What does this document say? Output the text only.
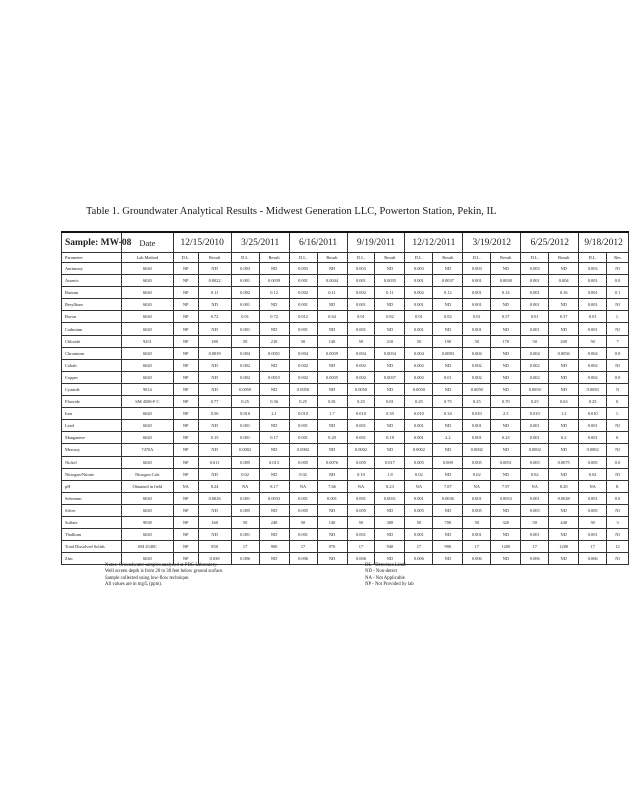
Table 1. Groundwater Analytical Results - Midwest Generation LLC, Powerton Station, Pekin, IL
Sample: MW-08	Date	12/15/2010		3/25/2011		6/16/2011		9/19/2011		12/12/2011		3/19/2012		6/25/2012		9/18/2012	
Parameter	Lab Method	D.L.	Result	D.L.	Result	D.L.	Result	D.L.	Result	D.L.	Result	D.L.	Result	D.L.	Result	D.L.	Res
Antimony	6020	NP	ND	0.003	ND	0.003	ND	0.003	ND	0.003	ND	0.003	ND	0.003	ND	0.003	NI
Arsenic	6020	NP	0.0022	0.001	0.0039	0.001	0.0044	0.001	0.0035	0.001	0.0037	0.001	0.0038	0.001	0.004	0.001	0.0
Barium	6020	NP	0.11	0.002	0.12	0.002	0.11	0.002	0.11	0.002	0.12	0.001	0.14	0.001	0.16	0.001	0.1
Beryllium	6020	NP	ND	0.001	ND	0.001	ND	0.001	ND	0.001	ND	0.001	ND	0.001	ND	0.001	NI
Boron	6020	NP	0.72	0.01	0.72	0.012	0.64	0.01	0.82	0.01	0.82	0.01	0.57	0.01	0.37	0.01	1.
Cadmium	6020	NP	ND	0.001	ND	0.001	ND	0.001	ND	0.001	ND	0.001	ND	0.001	ND	0.001	NI
Chloride	9251	NP	180	50	210	50	140	50	210	50	190	50	170	50	200	50	7
Chromium	6020	NP	0.0039	0.004	0.0051	0.004	0.0039	0.004	0.0034	0.004	0.0083	0.004	ND	0.004	0.0056	0.004	0.0
Cobalt	6020	NP	ND	0.002	ND	0.002	ND	0.002	ND	0.002	ND	0.002	ND	0.002	ND	0.002	NI
Copper	6020	NP	ND	0.002	0.0015	0.002	0.0035	0.002	0.0037	0.002	0.01	0.002	ND	0.002	ND	0.002	0.0
Cyanide	9014	NP	ND	0.0050	ND	0.0050	ND	0.0050	ND	0.0050	ND	0.0050	ND	0.0050	ND	0.0050	N
Fluoride	SM 4500-F C	NP	0.77	0.25	0.36	0.25	0.81	0.25	0.81	0.25	0.75	0.25	0.70	0.25	0.63	0.25	0.
Iron	6020	NP	0.56	0.010	2.1	0.010	1.7	0.010	0.39	0.010	0.34	0.010	2.5	0.010	1.2	0.010	1.
Lead	6020	NP	ND	0.001	ND	0.001	ND	0.001	ND	0.001	ND	0.001	ND	0.001	ND	0.001	NI
Manganese	6020	NP	0.15	0.001	0.17	0.001	0.29	0.001	0.18	0.001	2.2	0.001	0.23	0.001	0.2	0.001	0.
Mercury	7470A	NP	ND	0.0002	ND	0.0002	ND	0.0002	ND	0.0002	ND	0.0002	ND	0.0002	ND	0.0002	NI
Nickel	6020	NP	0.011	0.005	0.013	0.005	0.0076	0.005	0.017	0.005	0.009	0.005	0.0051	0.005	0.0075	0.005	0.0
Nitrogen/Nitrate	Nitrogen Calc	NP	ND	0.02	ND	0.02	ND	0.10	1.8	0.02	ND	0.02	ND	0.02	ND	0.02	NI
pH	Obtained in field	NA	8.24	NA	8.17	NA	7.66	NA	8.23	NA	7.87	NA	7.97	NA	8.20	NA	8.
Selenium	6020	NP	0.0026	0.001	0.0033	0.001	0.001	0.001	0.0031	0.001	0.0036	0.001	0.0033	0.001	0.0028	0.001	0.0
Silver	6020	NP	ND	0.005	ND	0.005	ND	0.005	ND	0.005	ND	0.005	ND	0.005	ND	0.005	NI
Sulfate	9038	NP	160	50	240	50	140	50	300	50	700	50	320	50	440	50	3
Thallium	6020	NP	ND	0.001	ND	0.001	ND	0.001	ND	0.001	ND	0.001	ND	0.001	ND	0.001	NI
Total Dissolved Solids	SM 2540C	NP	850	17	900	17	970	17	940	17	990	17	1200	17	1200	17	12
Zinc	6020	NP	0.038	0.006	ND	0.006	ND	0.006	ND	0.006	ND	0.006	ND	0.006	ND	0.006	NI
Notes: Groundwater samples analyzed at PDC Laboratory.
Well screen depth is from 20 to 30 feet below ground surface.
Sample collected using low-flow technique.
All values are in mg/L (ppm).
DL - Detection Limit
ND - Non-detect
NA - Not Applicable
NP - Not Provided by lab
